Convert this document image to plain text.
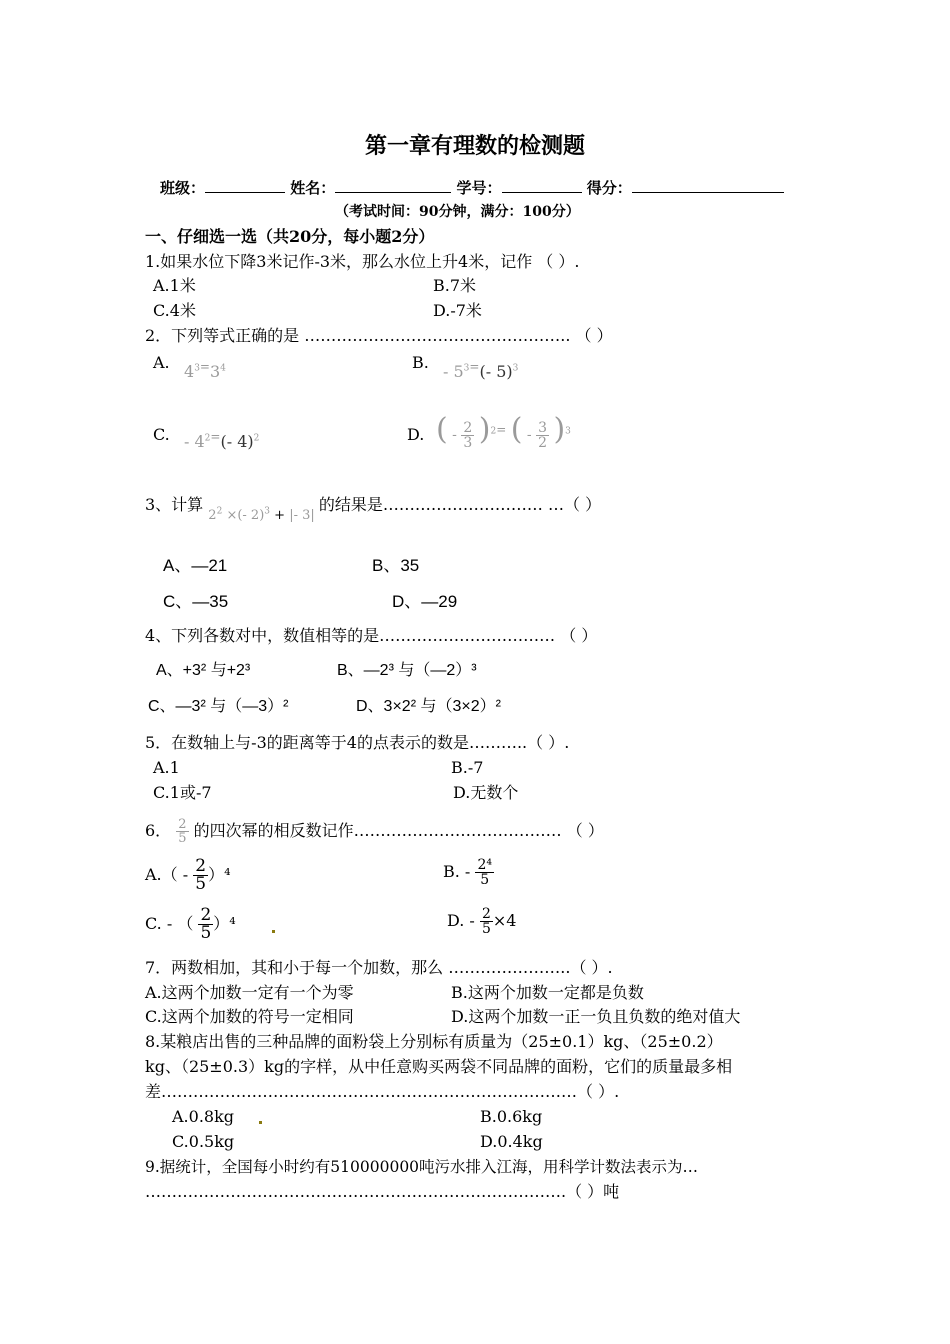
第一章有理数的检测题
班级：	姓名：	学号：	得分：
（考试时间：90分钟，满分：100分）
一、仔细选一选（共20分，每小题2分）
1.如果水位下降3米记作-3米，那么水位上升4米，记作 （ ）.
A.1米	B.7米
C.4米	D.-7米
2．下列等式正确的是 ………………………………………….. （ ）
A. $4^{3=}3^4$	B. - $5^{3=}(-$ 5)$^3$
C. - $4^{2=}(-$ 4)$^2$	D. ( - $\frac{2}{3} )^{2=}$ ( - $\frac{3}{2} )^3$
3、计算 $_{2^2 \times(- 2)^3 + |- 3|}$ 的结果是………………………… …（ ）
A、—21	B、35
C、—35	D、—29
4、下列各数对中，数值相等的是…………………………… （ ）
A、+3² 与+2³	B、—2³ 与（—2）³
C、—3² 与（—3）²	D、3×2² 与（3×2）²
5．在数轴上与-3的距离等于4的点表示的数是………..（ ）.
A.1	B.-7
C.1或-7	D.无数个
6． $\frac{2}{5}$ 的四次幂的相反数记作………………………………… （ ）
$A.( - \frac{2}{5} )^4$	B. - $\frac{\text{2⁴}}{5}$
C. - （ $\frac{2}{5} )^4$	D. - $\frac{2}{5} \times 4$
7．两数相加，其和小于每一个加数，那么 …………………..（ ）.
A.这两个加数一定有一个为零	B.这两个加数一定都是负数
C.这两个加数的符号一定相同	D.这两个加数一正一负且负数的绝对值大
8.某粮店出售的三种品牌的面粉袋上分别标有质量为（25±0.1）kg、（25±0.2）
kg、（25±0.3）kg的字样，从中任意购买两袋不同品牌的面粉，它们的质量最多相
差……………………………………………………………………（ ）.
A.0.8kg	B.0.6kg
C.0.5kg	D.0.4kg
9.据统计，全国每小时约有510000000吨污水排入江海，用科学计数法表示为…
…………………………………………………………………….（ ）吨
